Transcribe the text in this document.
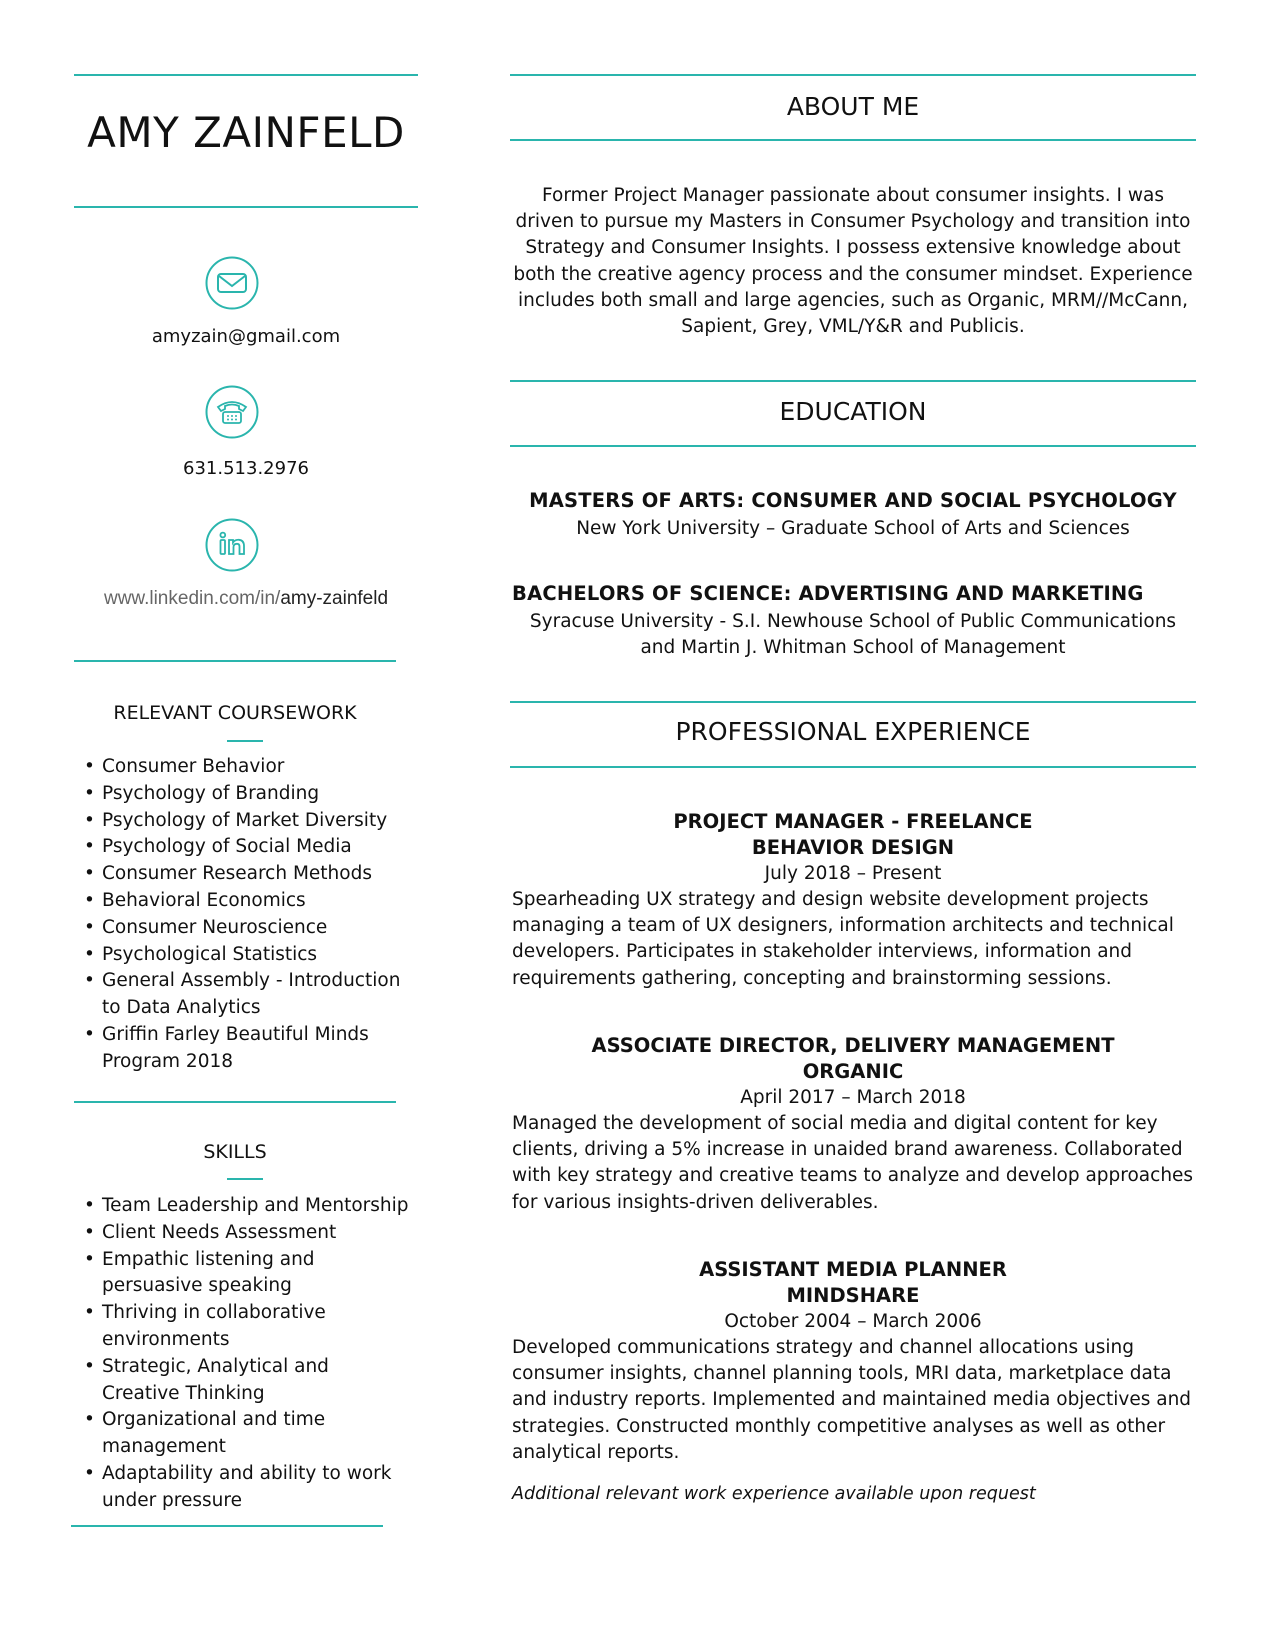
AMY ZAINFELD
amyzain@gmail.com
631.513.2976
www.linkedin.com/in/amy-zainfeld
RELEVANT COURSEWORK
• Consumer Behavior
• Psychology of Branding
• Psychology of Market Diversity
• Psychology of Social Media
• Consumer Research Methods
• Behavioral Economics
• Consumer Neuroscience
• Psychological Statistics
• General Assembly - Introduction to Data Analytics
• Griffin Farley Beautiful Minds Program 2018
SKILLS
• Team Leadership and Mentorship
• Client Needs Assessment
• Empathic listening and persuasive speaking
• Thriving in collaborative environments
• Strategic, Analytical and Creative Thinking
• Organizational and time management
• Adaptability and ability to work under pressure
ABOUT ME

Former Project Manager passionate about consumer insights. I was driven to pursue my Masters in Consumer Psychology and transition into Strategy and Consumer Insights. I possess extensive knowledge about both the creative agency process and the consumer mindset. Experience includes both small and large agencies, such as Organic, MRM//McCann, Sapient, Grey, VML/Y&R and Publicis.

EDUCATION
MASTERS OF ARTS: CONSUMER AND SOCIAL PSYCHOLOGY

New York University – Graduate School of Arts and Sciences

BACHELORS OF SCIENCE: ADVERTISING AND MARKETING

Syracuse University - S.I. Newhouse School of Public Communications and Martin J. Whitman School of Management

PROFESSIONAL EXPERIENCE
PROJECT MANAGER - FREELANCE
BEHAVIOR DESIGN
July 2018 – Present

Spearheading UX strategy and design website development projects managing a team of UX designers, information architects and technical developers. Participates in stakeholder interviews, information and requirements gathering, concepting and brainstorming sessions.

ASSOCIATE DIRECTOR, DELIVERY MANAGEMENT
ORGANIC
April 2017 – March 2018

Managed the development of social media and digital content for key clients, driving a 5% increase in unaided brand awareness. Collaborated with key strategy and creative teams to analyze and develop approaches for various insights-driven deliverables.

ASSISTANT MEDIA PLANNER
MINDSHARE
October 2004 – March 2006

Developed communications strategy and channel allocations using consumer insights, channel planning tools, MRI data, marketplace data and industry reports. Implemented and maintained media objectives and strategies. Constructed monthly competitive analyses as well as other analytical reports.

Additional relevant work experience available upon request
